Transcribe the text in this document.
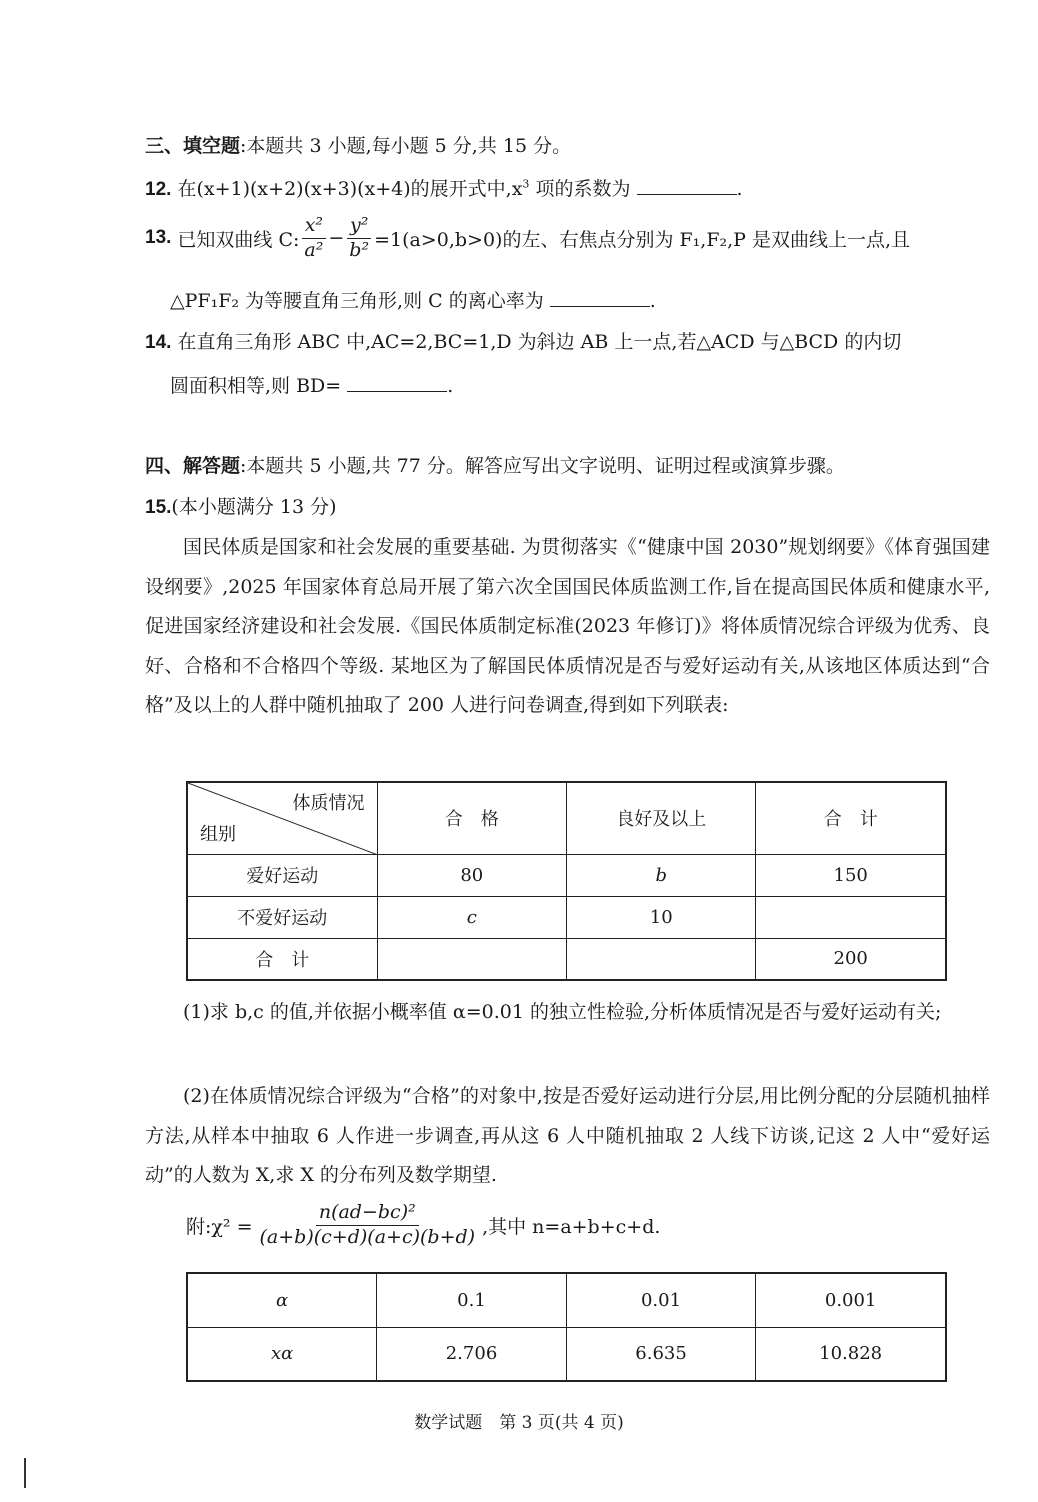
三、填空题:本题共 3 小题,每小题 5 分,共 15 分。
12. 在(x+1)(x+2)(x+3)(x+4)的展开式中$,x^3$ 项的系数为	.
13. 已知双曲线 C: $\frac{\text{x²}}{\text{a²}} - \frac{\text{y²}}{\text{b²}} =1(a>0,b>0)$的左、右焦点分别为 F₁,F₂,P 是双曲线上一点,且
△PF₁F₂ 为等腰直角三角形,则 C 的离心率为	.
14. 在直角三角形 ABC 中,AC=2,BC=1,D 为斜边 AB 上一点,若△ACD 与△BCD 的内切
圆面积相等,则 BD=	.
四、解答题:本题共 5 小题,共 77 分。解答应写出文字说明、证明过程或演算步骤。
15.(本小题满分 13 分)
国民体质是国家和社会发展的重要基础. 为贯彻落实《“健康中国 2030”规划纲要》《体育强国建设纲要》,2025 年国家体育总局开展了第六次全国国民体质监测工作,旨在提高国民体质和健康水平,促进国家经济建设和社会发展.《国民体质制定标准(2023 年修订)》将体质情况综合评级为优秀、良好、合格和不合格四个等级. 某地区为了解国民体质情况是否与爱好运动有关,从该地区体质达到“合格”及以上的人群中随机抽取了 200 人进行问卷调查,得到如下列联表:
体质情况
组别	合　格	良好及以上	合　计
爱好运动	80	b	150
不爱好运动	c	10	
合　计			200
(1)求 b,c 的值,并依据小概率值 α=0.01 的独立性检验,分析体质情况是否与爱好运动有关;
(2)在体质情况综合评级为“合格”的对象中,按是否爱好运动进行分层,用比例分配的分层随机抽样方法,从样本中抽取 6 人作进一步调查,再从这 6 人中随机抽取 2 人线下访谈,记这 2 人中“爱好运动”的人数为 X,求 X 的分布列及数学期望.
附:χ² = $\frac{\text{n(ad−bc)²}}{(a+b)(c+d)(a+c)(b+d)}$ ,其中 n=a+b+c+d.
α	0.1	0.01	0.001
xα	2.706	6.635	10.828
数学试题　第 3 页(共 4 页)
